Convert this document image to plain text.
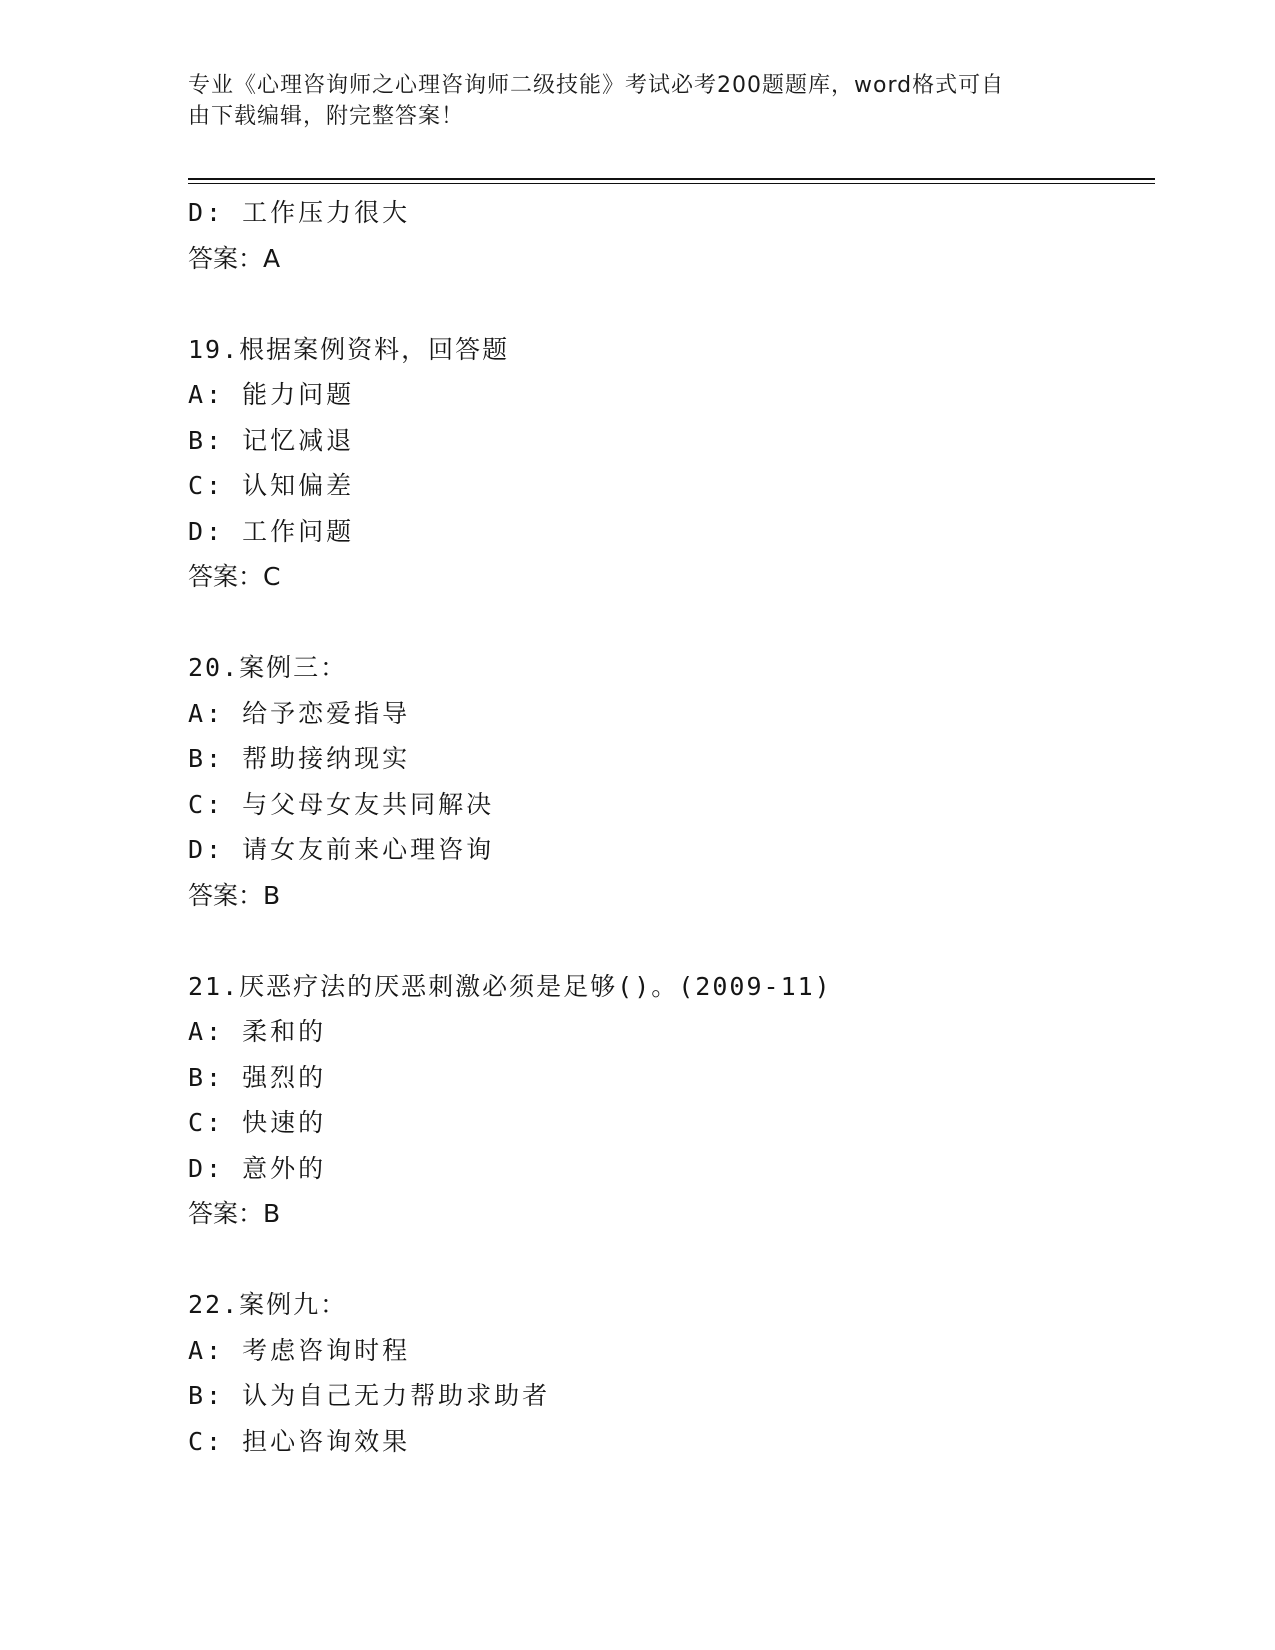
专业《心理咨询师之心理咨询师二级技能》考试必考200题题库，word格式可自
由下载编辑，附完整答案！
D: 工作压力很大
答案：A
19.根据案例资料，回答题
A: 能力问题
B: 记忆减退
C: 认知偏差
D: 工作问题
答案：C
20.案例三：
A: 给予恋爱指导
B: 帮助接纳现实
C: 与父母女友共同解决
D: 请女友前来心理咨询
答案：B
21.厌恶疗法的厌恶刺激必须是足够()。(2009-11)
A: 柔和的
B: 强烈的
C: 快速的
D: 意外的
答案：B
22.案例九：
A: 考虑咨询时程
B: 认为自己无力帮助求助者
C: 担心咨询效果
